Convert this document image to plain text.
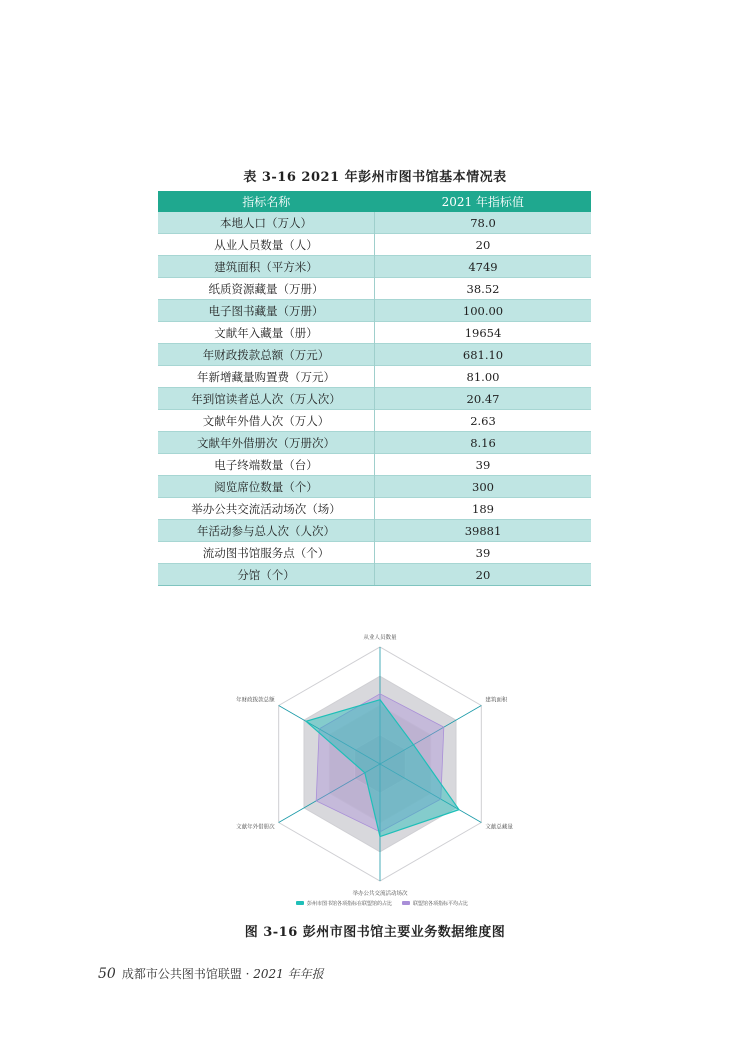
表 3-16 2021 年彭州市图书馆基本情况表
指标名称	2021 年指标值
本地人口（万人）	78.0
从业人员数量（人）	20
建筑面积（平方米）	4749
纸质资源藏量（万册）	38.52
电子图书藏量（万册）	100.00
文献年入藏量（册）	19654
年财政拨款总额（万元）	681.10
年新增藏量购置费（万元）	81.00
年到馆读者总人次（万人次）	20.47
文献年外借人次（万人）	2.63
文献年外借册次（万册次）	8.16
电子终端数量（台）	39
阅览席位数量（个）	300
举办公共交流活动场次（场）	189
年活动参与总人次（人次）	39881
流动图书馆服务点（个）	39
分馆（个）	20
从业人员数量
建筑面积
文献总藏量
举办公共交流活动场次
文献年外借册次
年财政拨款总额
彭州市图书馆各项指标在联盟馆的占比	联盟馆各项指标平均占比
图 3-16 彭州市图书馆主要业务数据维度图
50 成都市公共图书馆联盟 · 2021 年年报
